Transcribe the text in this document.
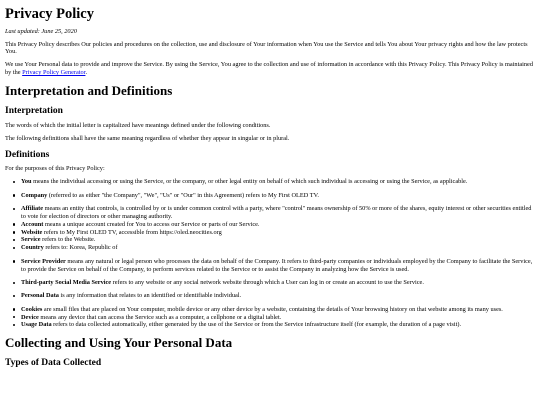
Privacy Policy

Last updated: June 25, 2020

This Privacy Policy describes Our policies and procedures on the collection, use and disclosure of Your information when You use the Service and tells You about Your privacy rights and how the law protects You.

We use Your Personal data to provide and improve the Service. By using the Service, You agree to the collection and use of information in accordance with this Privacy Policy. This Privacy Policy is maintained by the Privacy Policy Generator.

Interpretation and Definitions
Interpretation

The words of which the initial letter is capitalized have meanings defined under the following conditions.

The following definitions shall have the same meaning regardless of whether they appear in singular or in plural.

Definitions

For the purposes of this Privacy Policy:

You means the individual accessing or using the Service, or the company, or other legal entity on behalf of which such individual is accessing or using the Service, as applicable.
Company (referred to as either "the Company", "We", "Us" or "Our" in this Agreement) refers to My First OLED TV.
Affiliate means an entity that controls, is controlled by or is under common control with a party, where "control" means ownership of 50% or more of the shares, equity interest or other securities entitled to vote for election of directors or other managing authority.
Account means a unique account created for You to access our Service or parts of our Service.
Website refers to My First OLED TV, accessible from https://oled.neocities.org
Service refers to the Website.
Country refers to: Korea, Republic of
Service Provider means any natural or legal person who processes the data on behalf of the Company. It refers to third-party companies or individuals employed by the Company to facilitate the Service, to provide the Service on behalf of the Company, to perform services related to the Service or to assist the Company in analyzing how the Service is used.
Third-party Social Media Service refers to any website or any social network website through which a User can log in or create an account to use the Service.
Personal Data is any information that relates to an identified or identifiable individual.
Cookies are small files that are placed on Your computer, mobile device or any other device by a website, containing the details of Your browsing history on that website among its many uses.
Device means any device that can access the Service such as a computer, a cellphone or a digital tablet.
Usage Data refers to data collected automatically, either generated by the use of the Service or from the Service infrastructure itself (for example, the duration of a page visit).
Collecting and Using Your Personal Data
Types of Data Collected
